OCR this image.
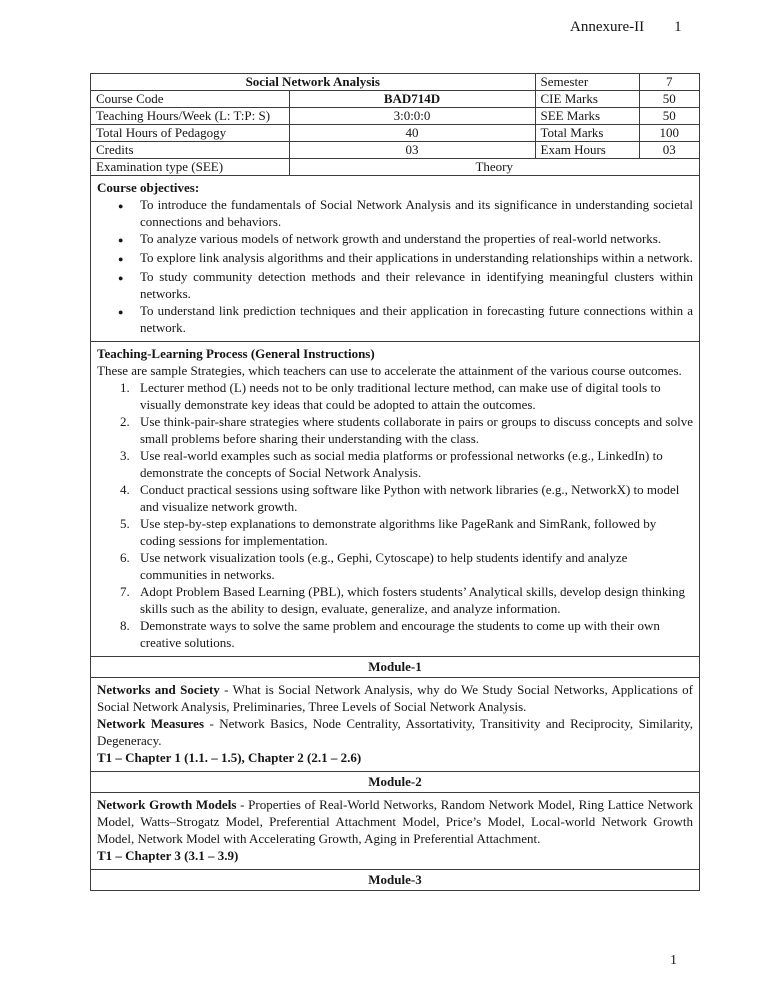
Annexure-II 1
Social Network Analysis		Semester	7
Course Code	BAD714D	CIE Marks	50
Teaching Hours/Week (L: T:P: S)	3:0:0:0	SEE Marks	50
Total Hours of Pedagogy	40	Total Marks	100
Credits	03	Exam Hours	03
Examination type (SEE)	Theory		

Course objectives:

●
To introduce the fundamentals of Social Network Analysis and its significance in understanding societal connections and behaviors.
●
To analyze various models of network growth and understand the properties of real-world networks.
●
To explore link analysis algorithms and their applications in understanding relationships within a network.
●
To study community detection methods and their relevance in identifying meaningful clusters within networks.
●
To understand link prediction techniques and their application in forecasting future connections within a network.

Teaching-Learning Process (General Instructions)

These are sample Strategies, which teachers can use to accelerate the attainment of the various course outcomes.

1. Lecturer method (L) needs not to be only traditional lecture method, can make use of digital tools to visually demonstrate key ideas that could be adopted to attain the outcomes.
2. Use think-pair-share strategies where students collaborate in pairs or groups to discuss concepts and solve small problems before sharing their understanding with the class.
3. Use real-world examples such as social media platforms or professional networks (e.g., LinkedIn) to demonstrate the concepts of Social Network Analysis.
4. Conduct practical sessions using software like Python with network libraries (e.g., NetworkX) to model and visualize network growth.
5. Use step-by-step explanations to demonstrate algorithms like PageRank and SimRank, followed by coding sessions for implementation.
6. Use network visualization tools (e.g., Gephi, Cytoscape) to help students identify and analyze communities in networks.
7. Adopt Problem Based Learning (PBL), which fosters students’ Analytical skills, develop design thinking skills such as the ability to design, evaluate, generalize, and analyze information.
8. Demonstrate ways to solve the same problem and encourage the students to come up with their own creative solutions.
Module-1

Networks and Society - What is Social Network Analysis, why do We Study Social Networks, Applications of Social Network Analysis, Preliminaries, Three Levels of Social Network Analysis.

Network Measures - Network Basics, Node Centrality, Assortativity, Transitivity and Reciprocity, Similarity, Degeneracy.

T1 – Chapter 1 (1.1. – 1.5), Chapter 2 (2.1 – 2.6)

Module-2

Network Growth Models - Properties of Real-World Networks, Random Network Model, Ring Lattice Network Model, Watts–Strogatz Model, Preferential Attachment Model, Price’s Model, Local-world Network Growth Model, Network Model with Accelerating Growth, Aging in Preferential Attachment.

T1 – Chapter 3 (3.1 – 3.9)

Module-3
1
